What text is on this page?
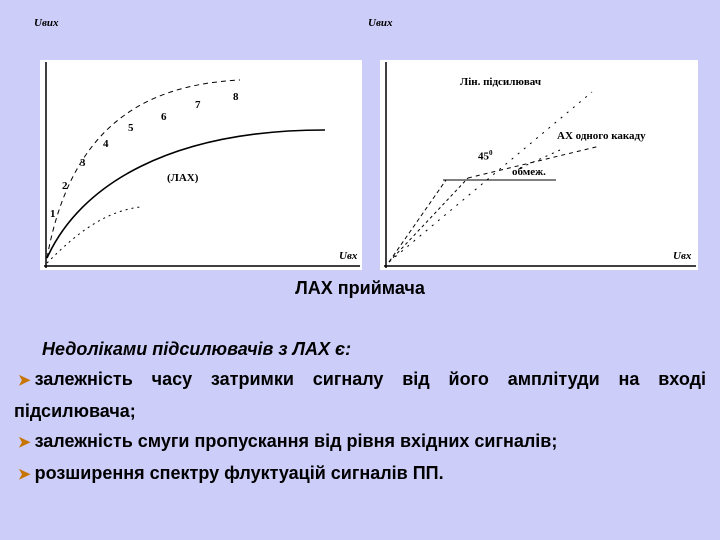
Uвих
Uвх
(ЛАХ)
1
2
3
4
5
6
7
8
Uвих
Uвх
Лін. підсилювач
АХ одного какаду
$45^0$
обмеж.
ЛАХ приймача
Недоліками підсилювачів з ЛАХ є:
➤ залежність часу затримки сигналу від його амплітуди на вході підсилювача;
➤ залежність смуги пропускання від рівня вхідних сигналів;
➤ розширення спектру флуктуацій сигналів ПП.
